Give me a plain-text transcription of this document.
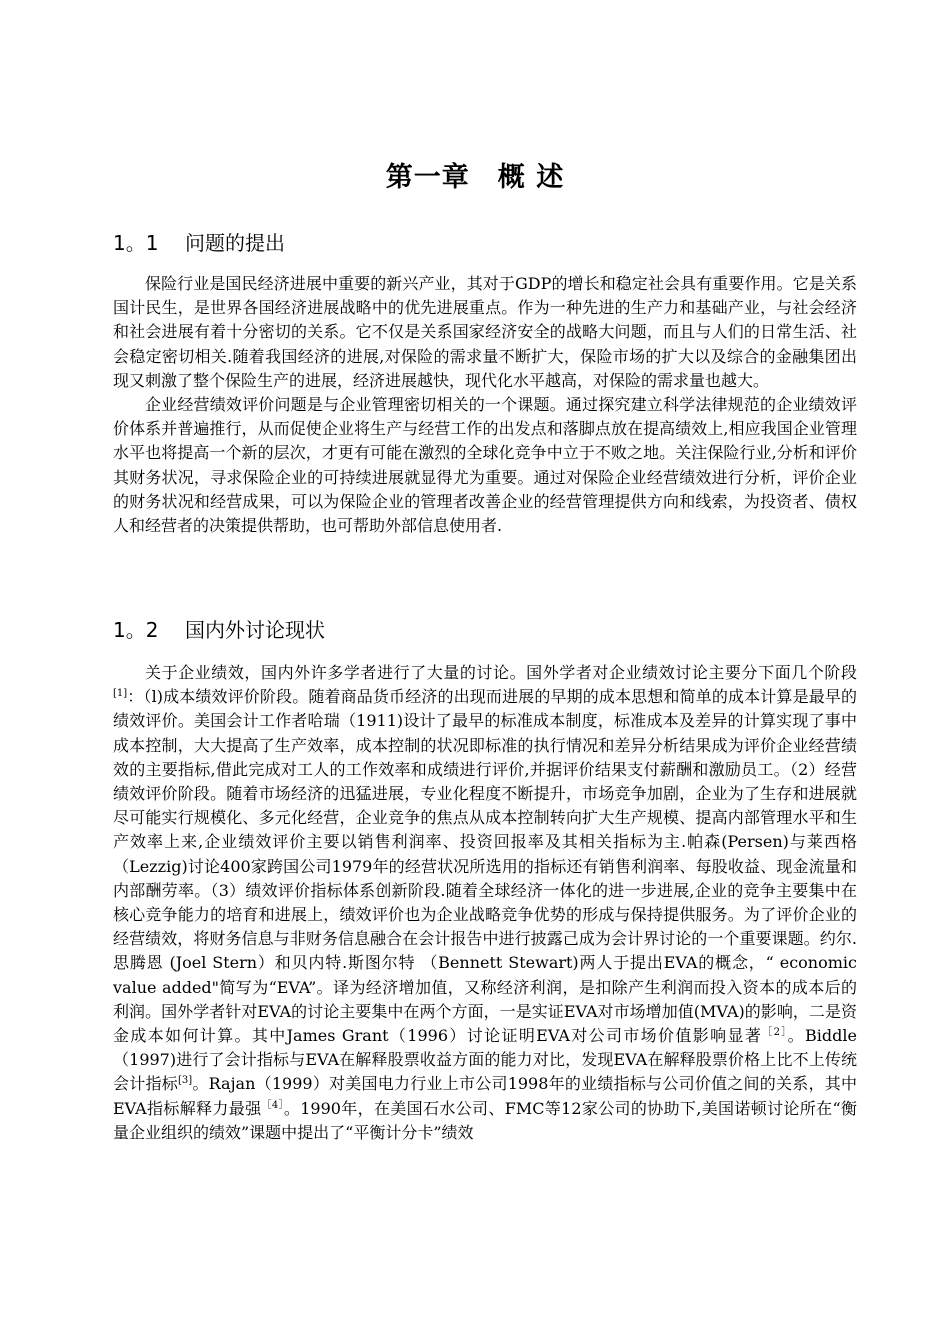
第一章　概 述
1。1 问题的提出

保险行业是国民经济进展中重要的新兴产业，其对于GDP的增长和稳定社会具有重要作用。它是关系国计民生，是世界各国经济进展战略中的优先进展重点。作为一种先进的生产力和基础产业，与社会经济和社会进展有着十分密切的关系。它不仅是关系国家经济安全的战略大问题，而且与人们的日常生活、社会稳定密切相关.随着我国经济的进展,对保险的需求量不断扩大，保险市场的扩大以及综合的金融集团出现又刺激了整个保险生产的进展，经济进展越快，现代化水平越高，对保险的需求量也越大。

企业经营绩效评价问题是与企业管理密切相关的一个课题。通过探究建立科学法律规范的企业绩效评价体系并普遍推行，从而促使企业将生产与经营工作的出发点和落脚点放在提高绩效上,相应我国企业管理水平也将提高一个新的层次，才更有可能在激烈的全球化竞争中立于不败之地。关注保险行业,分析和评价其财务状况，寻求保险企业的可持续进展就显得尤为重要。通过对保险企业经营绩效进行分析，评价企业的财务状况和经营成果，可以为保险企业的管理者改善企业的经营管理提供方向和线索，为投资者、债权人和经营者的决策提供帮助，也可帮助外部信息使用者.

1。2 国内外讨论现状

关于企业绩效，国内外许多学者进行了大量的讨论。国外学者对企业绩效讨论主要分下面几个阶段[1]：（l)成本绩效评价阶段。随着商品货币经济的出现而进展的早期的成本思想和简单的成本计算是最早的绩效评价。美国会计工作者哈瑞（1911)设计了最早的标准成本制度，标准成本及差异的计算实现了事中成本控制，大大提高了生产效率，成本控制的状况即标准的执行情况和差异分析结果成为评价企业经营绩效的主要指标,借此完成对工人的工作效率和成绩进行评价,并据评价结果支付薪酬和激励员工。（2）经营绩效评价阶段。随着市场经济的迅猛进展，专业化程度不断提升，市场竞争加剧，企业为了生存和进展就尽可能实行规模化、多元化经营，企业竞争的焦点从成本控制转向扩大生产规模、提高内部管理水平和生产效率上来,企业绩效评价主要以销售利润率、投资回报率及其相关指标为主.帕森(Persen)与莱西格（Lezzig)讨论400家跨国公司1979年的经营状况所选用的指标还有销售利润率、每股收益、现金流量和内部酬劳率。（3）绩效评价指标体系创新阶段.随着全球经济一体化的进一步进展,企业的竞争主要集中在核心竞争能力的培育和进展上，绩效评价也为企业战略竞争优势的形成与保持提供服务。为了评价企业的经营绩效，将财务信息与非财务信息融合在会计报告中进行披露己成为会计界讨论的一个重要课题。约尔.思腾恩 (Joel Stern）和贝内特.斯图尔特 （Bennett Stewart)两人于提出EVA的概念，“ economic value added"简写为“EVA”。译为经济增加值，又称经济利润，是扣除产生利润而投入资本的成本后的利润。国外学者针对EVA的讨论主要集中在两个方面，一是实证EVA对市场增加值(MVA)的影响，二是资金成本如何计算。其中James Grant（1996）讨论证明EVA对公司市场价值影响显著$^{[2]}$。Biddle（1997)进行了会计指标与EVA在解释股票收益方面的能力对比，发现EVA在解释股票价格上比不上传统会计指标[3]。Rajan（1999）对美国电力行业上市公司1998年的业绩指标与公司价值之间的关系，其中EVA指标解释力最强$^{[4]}$。1990年，在美国石水公司、FMC等12家公司的协助下,美国诺顿讨论所在“衡量企业组织的绩效”课题中提出了“平衡计分卡”绩效
